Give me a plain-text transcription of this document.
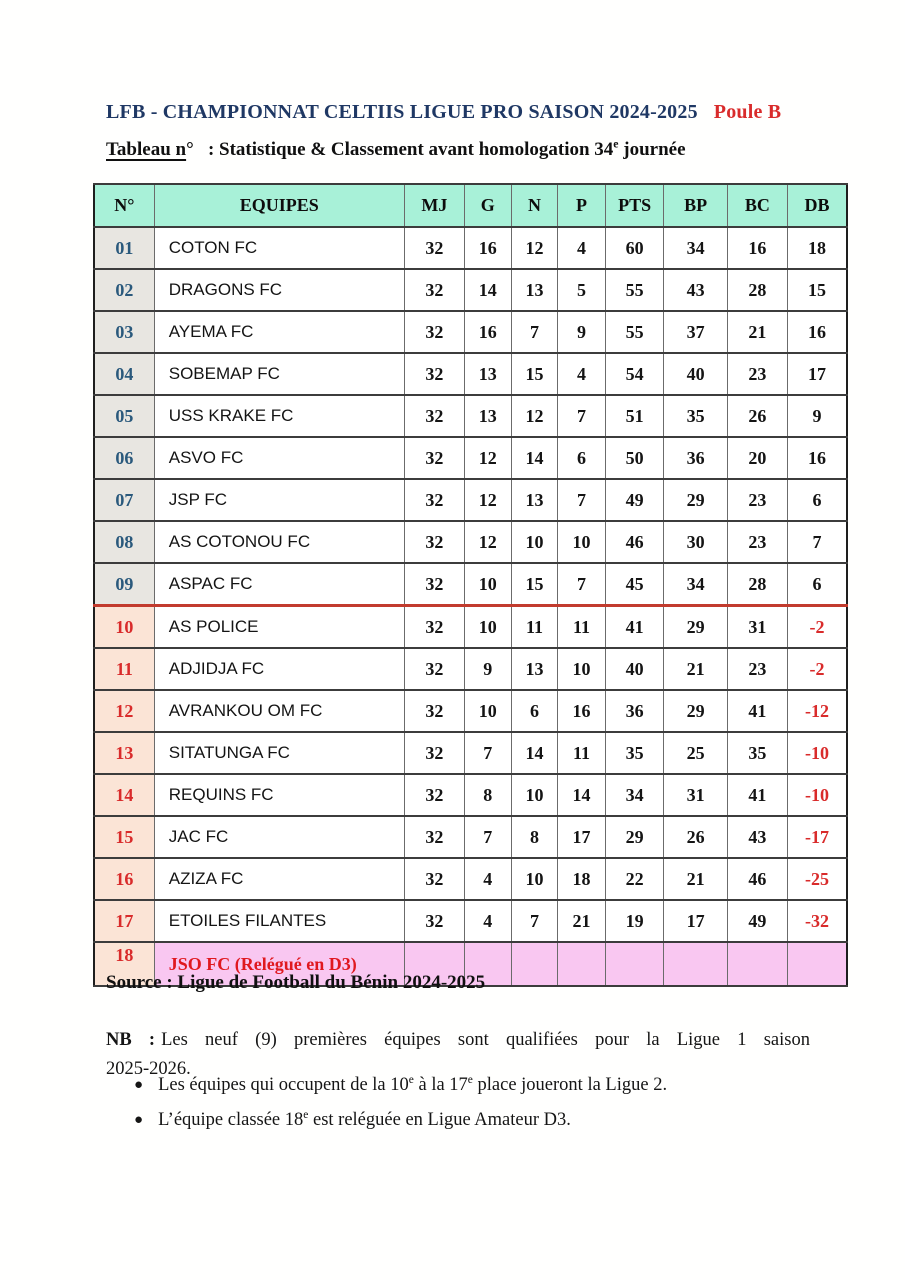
LFB - CHAMPIONNAT CELTIIS LIGUE PRO SAISON 2024-2025 Poule B
Tableau n°   : Statistique & Classement avant homologation 34e journée
N°	EQUIPES	MJ	G	N	P	PTS	BP	BC	DB
01	COTON FC	32	16	12	4	60	34	16	18
02	DRAGONS FC	32	14	13	5	55	43	28	15
03	AYEMA FC	32	16	7	9	55	37	21	16
04	SOBEMAP FC	32	13	15	4	54	40	23	17
05	USS KRAKE FC	32	13	12	7	51	35	26	9
06	ASVO FC	32	12	14	6	50	36	20	16
07	JSP FC	32	12	13	7	49	29	23	6
08	AS COTONOU FC	32	12	10	10	46	30	23	7
09	ASPAC FC	32	10	15	7	45	34	28	6
10	AS POLICE	32	10	11	11	41	29	31	-2
11	ADJIDJA FC	32	9	13	10	40	21	23	-2
12	AVRANKOU OM FC	32	10	6	16	36	29	41	-12
13	SITATUNGA FC	32	7	14	11	35	25	35	-10
14	REQUINS FC	32	8	10	14	34	31	41	-10
15	JAC FC	32	7	8	17	29	26	43	-17
16	AZIZA FC	32	4	10	18	22	21	46	-25
17	ETOILES FILANTES	32	4	7	21	19	17	49	-32
18	JSO FC (Relégué en D3)								
Source : Ligue de Football du Bénin 2024-2025
NB : Les neuf (9) premières équipes sont qualifiées pour la Ligue 1 saison
2025-2026.
● Les équipes qui occupent de la 10e à la 17e place joueront la Ligue 2.
● L’équipe classée 18e est reléguée en Ligue Amateur D3.
